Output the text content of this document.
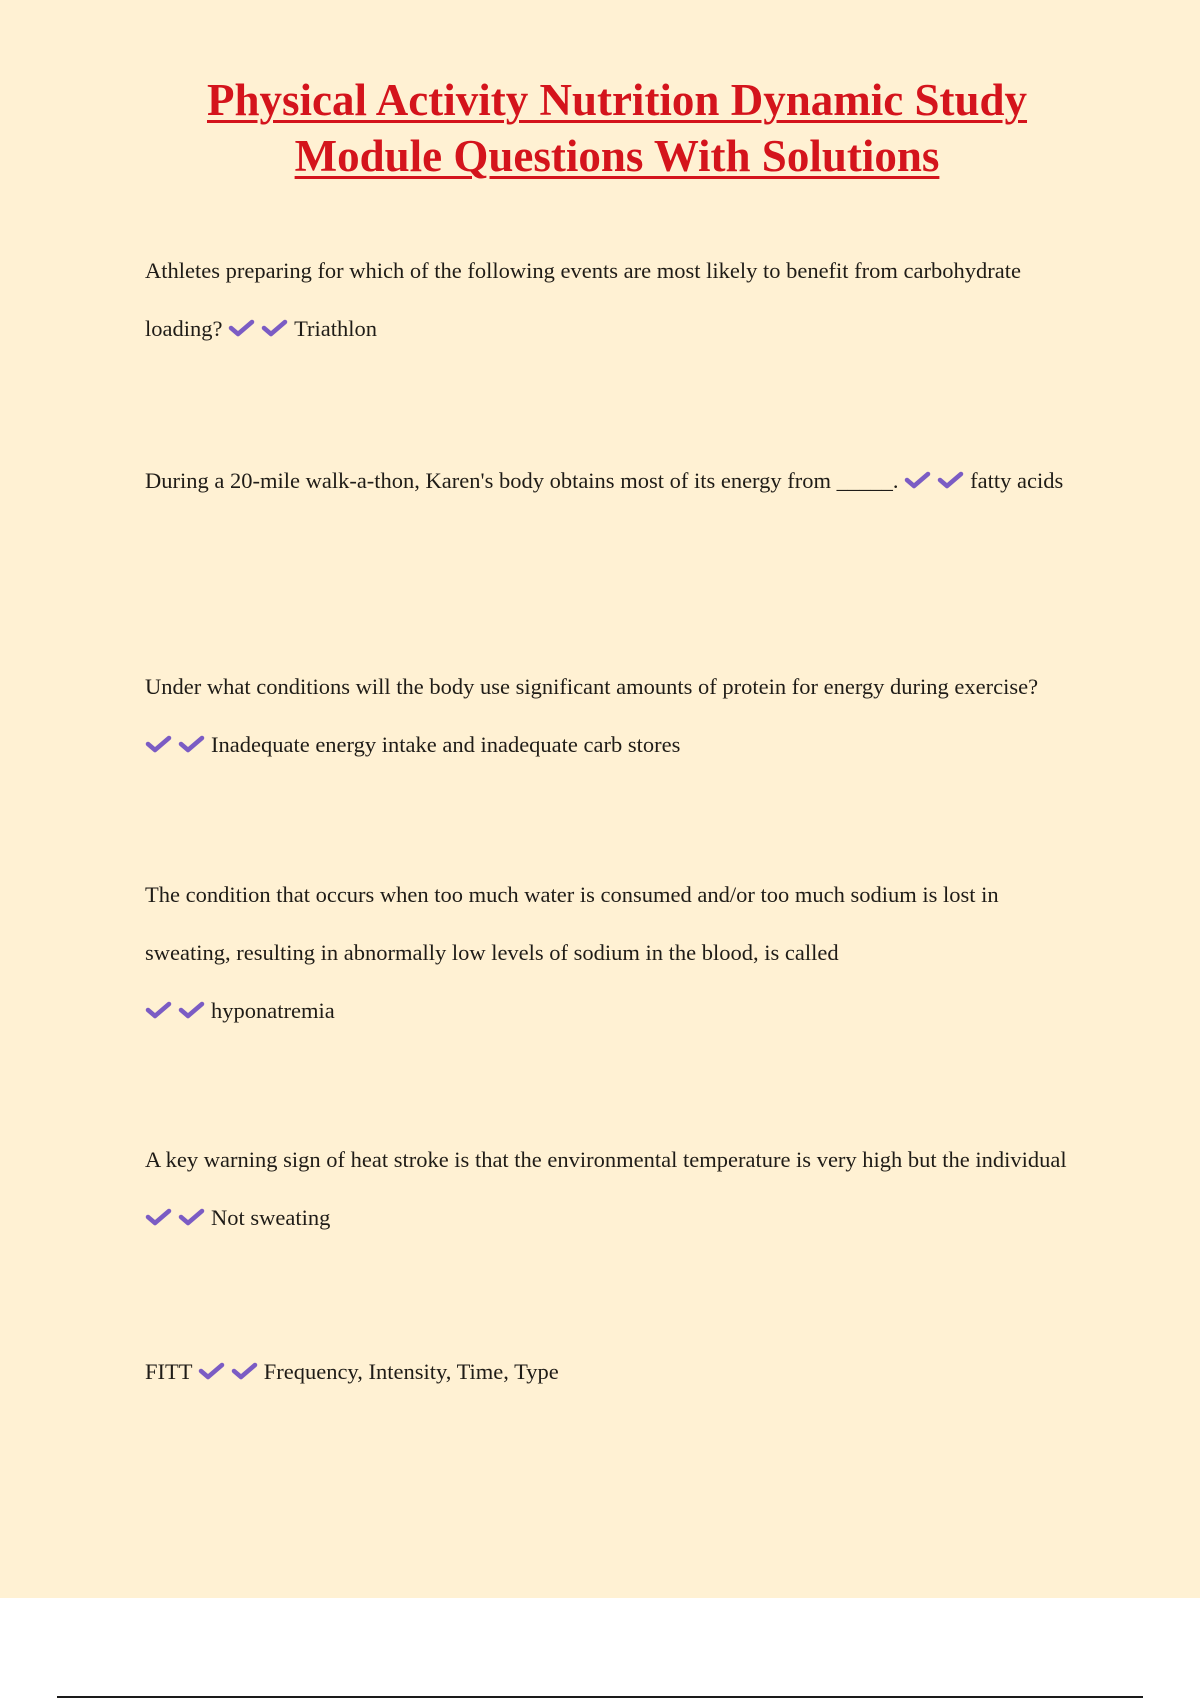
Physical Activity Nutrition Dynamic Study
Module Questions With Solutions

Athletes preparing for which of the following events are most likely to benefit from carbohydrate loading?	Triathlon

During a 20-mile walk-a-thon, Karen's body obtains most of its energy from _____.	fatty acids

Under what conditions will the body use significant amounts of protein for energy during exercise?
Inadequate energy intake and inadequate carb stores

The condition that occurs when too much water is consumed and/or too much sodium is lost in sweating, resulting in abnormally low levels of sodium in the blood, is called

hyponatremia

A key warning sign of heat stroke is that the environmental temperature is very high but the individual
Not sweating

FITT	Frequency, Intensity, Time, Type
